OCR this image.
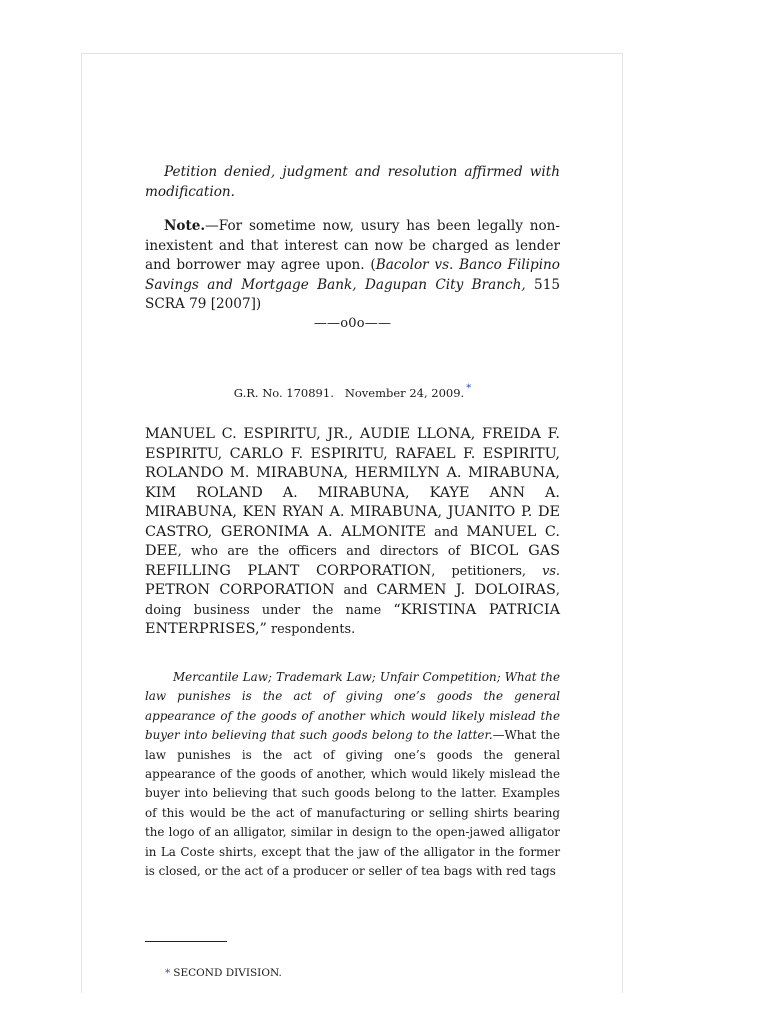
Petition denied, judgment and resolution affirmed with modification.

Note.—For sometime now, usury has been legally non-inexistent and that interest can now be charged as lender and borrower may agree upon. (Bacolor vs. Banco Filipino Savings and Mortgage Bank, Dagupan City Branch, 515 SCRA 79 [2007])

——o0o——
G.R. No. 170891.   November 24, 2009. *

MANUEL C. ESPIRITU, JR., AUDIE LLONA, FREIDA F. ESPIRITU, CARLO F. ESPIRITU, RAFAEL F. ESPIRITU, ROLANDO M. MIRABUNA, HERMILYN A. MIRABUNA, KIM ROLAND A. MIRABUNA, KAYE ANN A. MIRABUNA, KEN RYAN A. MIRABUNA, JUANITO P. DE CASTRO, GERONIMA A. ALMONITE and MANUEL C. DEE, who are the officers and directors of BICOL GAS REFILLING PLANT CORPORATION, petitioners, vs. PETRON CORPORATION and CARMEN J. DOLOIRAS, doing business under the name “KRISTINA PATRICIA ENTERPRISES,” respondents.

Mercantile Law; Trademark Law; Unfair Competition; What the law punishes is the act of giving one’s goods the general appearance of the goods of another which would likely mislead the buyer into believing that such goods belong to the latter.—What the law punishes is the act of giving one’s goods the general appearance of the goods of another, which would likely mislead the buyer into believing that such goods belong to the latter. Examples of this would be the act of manufacturing or selling shirts bearing the logo of an alligator, similar in design to the open-jawed alligator in La Coste shirts, except that the jaw of the alligator in the former is closed, or the act of a producer or seller of tea bags with red tags

* SECOND DIVISION.
